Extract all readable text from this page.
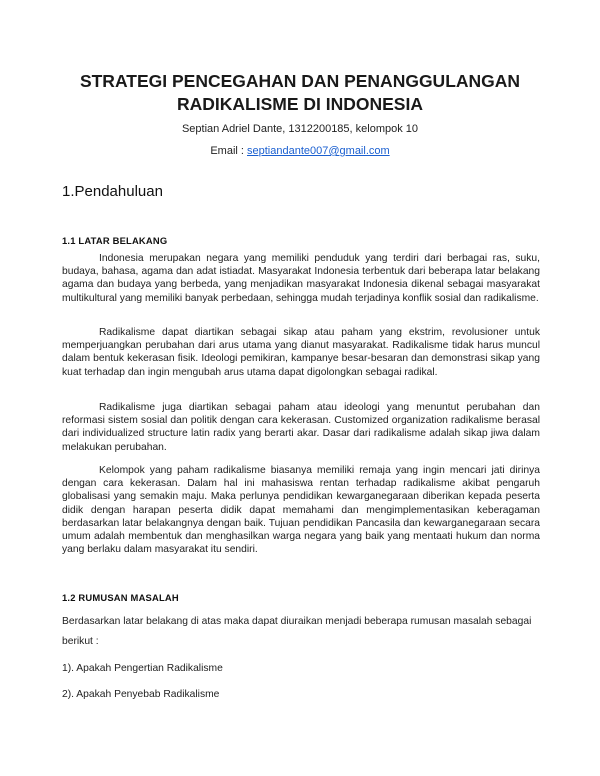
STRATEGI PENCEGAHAN DAN PENANGGULANGAN RADIKALISME DI INDONESIA

Septian Adriel Dante, 1312200185, kelompok 10

Email : septiandante007@gmail.com

1.Pendahuluan
1.1 LATAR BELAKANG

Indonesia merupakan negara yang memiliki penduduk yang terdiri dari berbagai ras, suku, budaya, bahasa, agama dan adat istiadat. Masyarakat Indonesia terbentuk dari beberapa latar belakang agama dan budaya yang berbeda, yang menjadikan masyarakat Indonesia dikenal sebagai masyarakat multikultural yang memiliki banyak perbedaan, sehingga mudah terjadinya konflik sosial dan radikalisme.

Radikalisme dapat diartikan sebagai sikap atau paham yang ekstrim, revolusioner untuk memperjuangkan perubahan dari arus utama yang dianut masyarakat. Radikalisme tidak harus muncul dalam bentuk kekerasan fisik. Ideologi pemikiran, kampanye besar-besaran dan demonstrasi sikap yang kuat terhadap dan ingin mengubah arus utama dapat digolongkan sebagai radikal.

Radikalisme juga diartikan sebagai paham atau ideologi yang menuntut perubahan dan reformasi sistem sosial dan politik dengan cara kekerasan. Customized organization radikalisme berasal dari individualized structure latin radix yang berarti akar. Dasar dari radikalisme adalah sikap jiwa dalam melakukan perubahan.

Kelompok yang paham radikalisme biasanya memiliki remaja yang ingin mencari jati dirinya dengan cara kekerasan. Dalam hal ini mahasiswa rentan terhadap radikalisme akibat pengaruh globalisasi yang semakin maju. Maka perlunya pendidikan kewarganegaraan diberikan kepada peserta didik dengan harapan peserta didik dapat memahami dan mengimplementasikan keberagaman berdasarkan latar belakangnya dengan baik. Tujuan pendidikan Pancasila dan kewarganegaraan secara umum adalah membentuk dan menghasilkan warga negara yang baik yang mentaati hukum dan norma yang berlaku dalam masyarakat itu sendiri.

1.2 RUMUSAN MASALAH

Berdasarkan latar belakang di atas maka dapat diuraikan menjadi beberapa rumusan masalah sebagai berikut :

1). Apakah Pengertian Radikalisme

2). Apakah Penyebab Radikalisme
